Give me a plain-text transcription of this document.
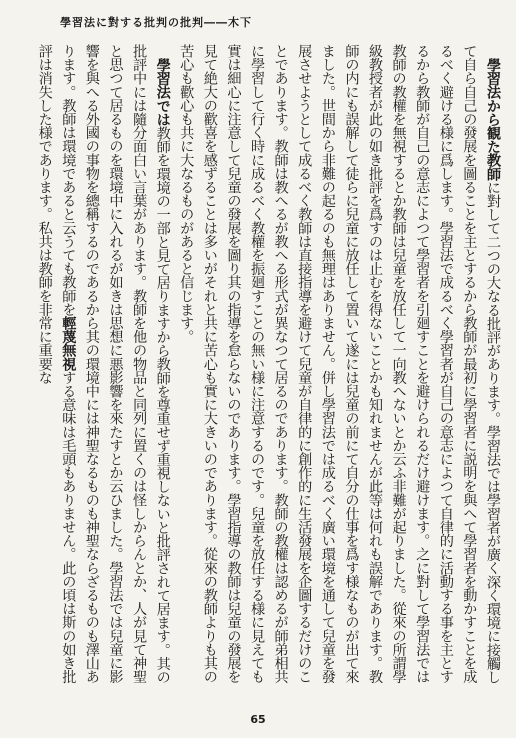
學習法に對する批判の批判――木下

學習法から観た教師に對して二つの大なる批評があります。學習法では學習者が廣く深く環境に接觸して自ら自己の發展を圖ることを主とするから教師が最初に學習者に説明を與へて學習者を動かすことを成るべく避ける様に爲します。學習法で成るべく學習者が自己の意志によつて自律的に活動する事を主とするから教師が自己の意志によつて學習者を引廻すことを避けられるだけ避けます。之に對して學習法では教師の教權を無視するとか教師は兒童を放任して一向教へないとか云ふ非難が起りました。從來の所謂學級教授者が此の如き批評を爲すのは止むを得ないことかも知れませんが此等は何れも誤解であります。教師の内にも誤解して徒らに兒童に放任して置いて遂には兒童の前にて自分の仕事を爲す様なものが出て來ました。世間から非難の起るのも無理はありません。併し學習法では成るべく廣い環境を通して兒童を發展させようとして成るべく教師は直接指導を避けて兒童が自律的に創作的に生活發展を企圖するだけのことであります。教師は教へるが教へる形式が異なつて居るのであります。教師の教權は認めるが師弟相共に學習して行く時に成るべく教權を振廻すことの無い様に注意するのです。兒童を放任する様に見えても實は細心に注意して兒童の發展を圖り其の指導を怠らないのであります。學習指導の教師は兒童の發展を見て絶大の歡喜を感ずることは多いがそれと共に苦心も實に大きいのであります。從來の教師よりも其の苦心も歡心も共に大なるものがあると信じます。

學習法では教師を環境の一部と見て居りますから教師を尊重せず重視しないと批評されて居ます。其の批評中には隨分面白い言葉があります。教師を他の物品と同列に置くのは怪しからんとか、人が見て神聖と思つて居るものを環境中に入れるが如きは思想に悪影響を來たすとか云ひました。學習法では兒童に影響を與へる外國の事物を總稱するのであるから其の環境中には神聖なるものも神聖ならざるものも澤山あります。教師は環境であると云うても教師を輕蔑無視する意味は毛頭もありません。此の頃は斯の如き批評は消失した様であります。私共は教師を非常に重要な

65
